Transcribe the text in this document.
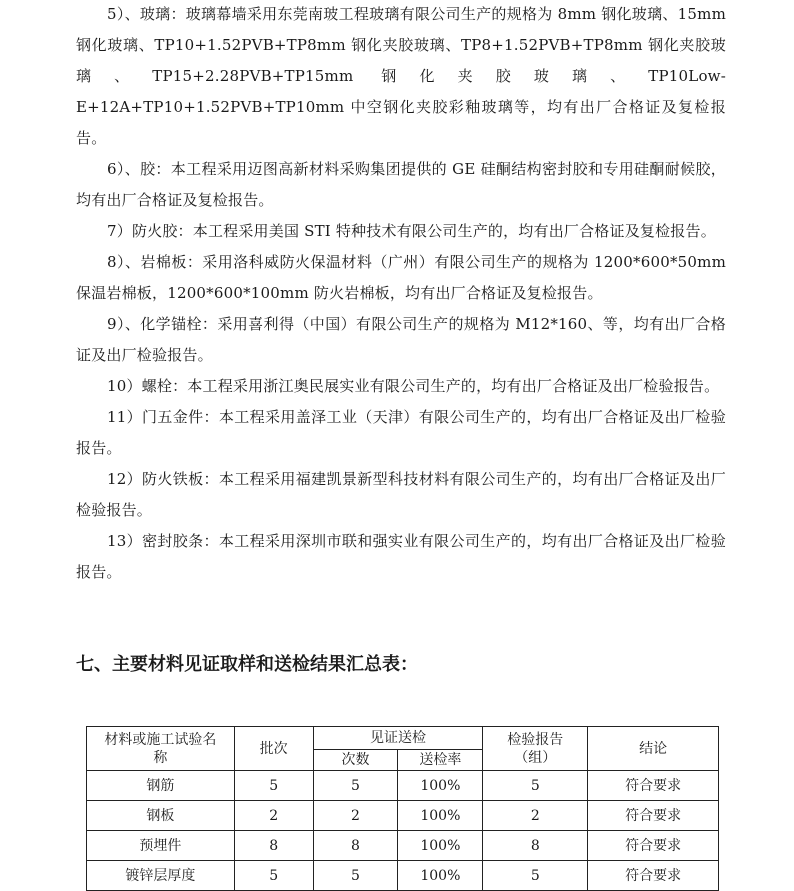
5）、玻璃：玻璃幕墙采用东莞南玻工程玻璃有限公司生产的规格为 8mm 钢化玻璃、15mm 钢化玻璃、TP10+1.52PVB+TP8mm 钢化夹胶玻璃、TP8+1.52PVB+TP8mm 钢化夹胶玻璃、TP15+2.28PVB+TP15mm 钢化夹胶玻璃、TP10Low-E+12A+TP10+1.52PVB+TP10mm 中空钢化夹胶彩釉玻璃等，均有出厂合格证及复检报告。

6）、胶：本工程采用迈图高新材料采购集团提供的 GE 硅酮结构密封胶和专用硅酮耐候胶，均有出厂合格证及复检报告。

7）防火胶：本工程采用美国 STI 特种技术有限公司生产的，均有出厂合格证及复检报告。

8）、岩棉板：采用洛科威防火保温材料（广州）有限公司生产的规格为 1200*600*50mm 保温岩棉板，1200*600*100mm 防火岩棉板，均有出厂合格证及复检报告。

9）、化学锚栓：采用喜利得（中国）有限公司生产的规格为 M12*160、等，均有出厂合格证及出厂检验报告。

10）螺栓：本工程采用浙江奥民展实业有限公司生产的，均有出厂合格证及出厂检验报告。

11）门五金件：本工程采用盖泽工业（天津）有限公司生产的，均有出厂合格证及出厂检验报告。

12）防火铁板：本工程采用福建凯景新型科技材料有限公司生产的，均有出厂合格证及出厂检验报告。

13）密封胶条：本工程采用深圳市联和强实业有限公司生产的，均有出厂合格证及出厂检验报告。

七、主要材料见证取样和送检结果汇总表：
材料或施工试验名称	批次	见证送检		检验报告（组）	结论
		次数	送检率		
钢筋	5	5	100%	5	符合要求
钢板	2	2	100%	2	符合要求
预埋件	8	8	100%	8	符合要求
镀锌层厚度	5	5	100%	5	符合要求
